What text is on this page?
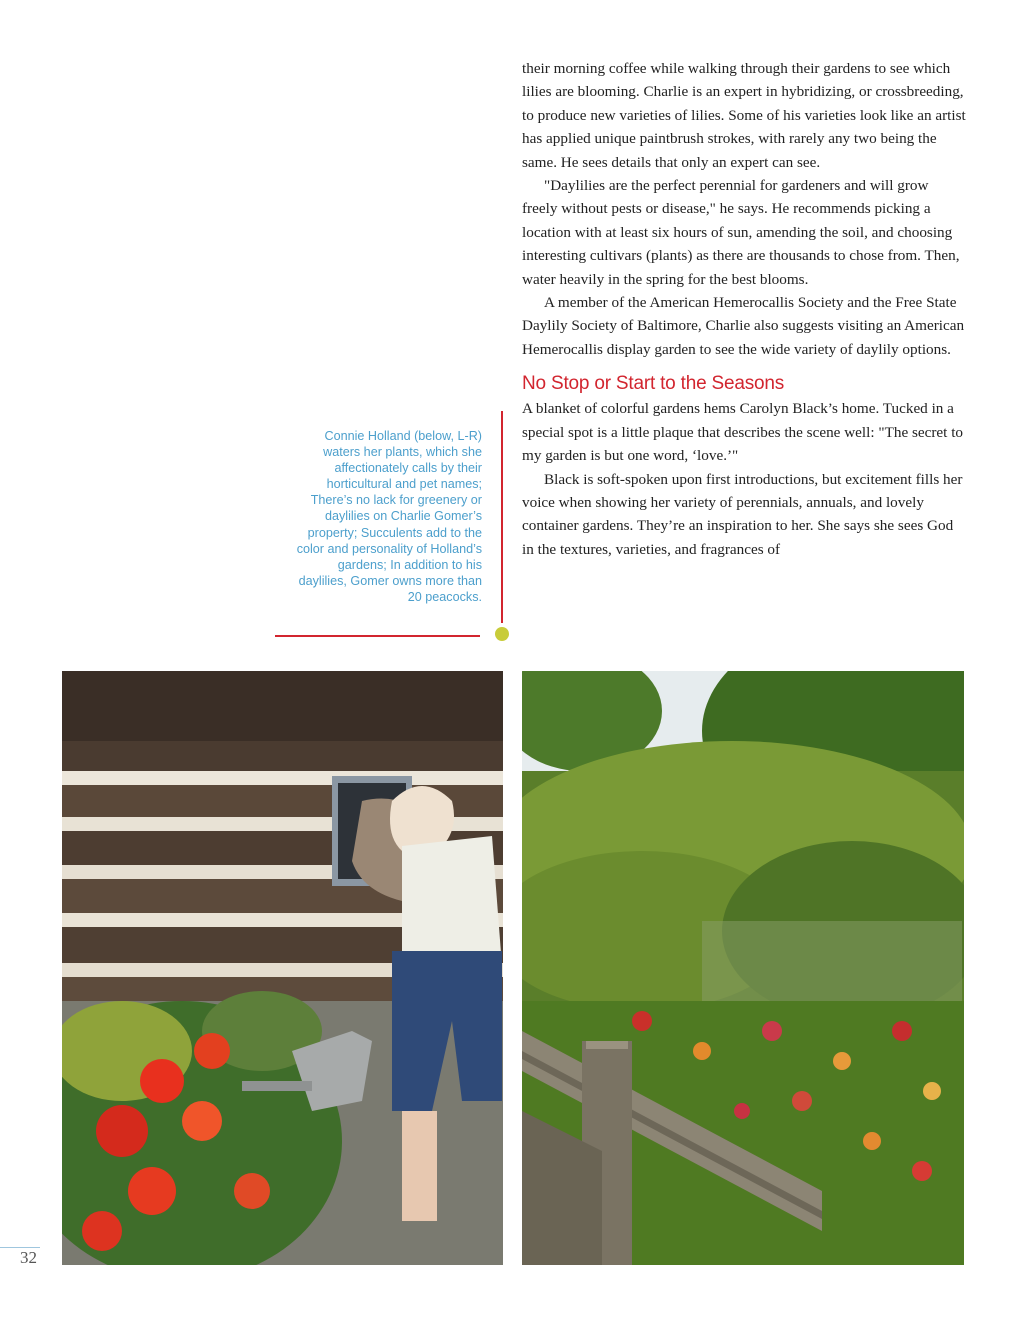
their morning coffee while walking through their gardens to see which lilies are blooming. Charlie is an expert in hybridizing, or crossbreeding, to produce new varieties of lilies. Some of his varieties look like an artist has applied unique paintbrush strokes, with rarely any two being the same. He sees details that only an expert can see.

"Daylilies are the perfect perennial for gardeners and will grow freely without pests or disease," he says. He recommends picking a location with at least six hours of sun, amending the soil, and choosing interesting cultivars (plants) as there are thousands to chose from. Then, water heavily in the spring for the best blooms.

A member of the American Hemerocallis Society and the Free State Daylily Society of Baltimore, Charlie also suggests visiting an American Hemerocallis display garden to see the wide variety of daylily options.

No Stop or Start to the Seasons

A blanket of colorful gardens hems Carolyn Black’s home. Tucked in a special spot is a little plaque that describes the scene well: "The secret to my garden is but one word, ‘love.’"

Black is soft-spoken upon first introductions, but excitement fills her voice when showing her variety of perennials, annuals, and lovely container gardens. They’re an inspiration to her. She says she sees God in the textures, varieties, and fragrances of

Connie Holland (below, L-R) waters her plants, which she affectionately calls by their horticultural and pet names; There’s no lack for greenery or daylilies on Charlie Gomer’s property; Succulents add to the color and personality of Holland’s gardens; In addition to his daylilies, Gomer owns more than 20 peacocks.
32
